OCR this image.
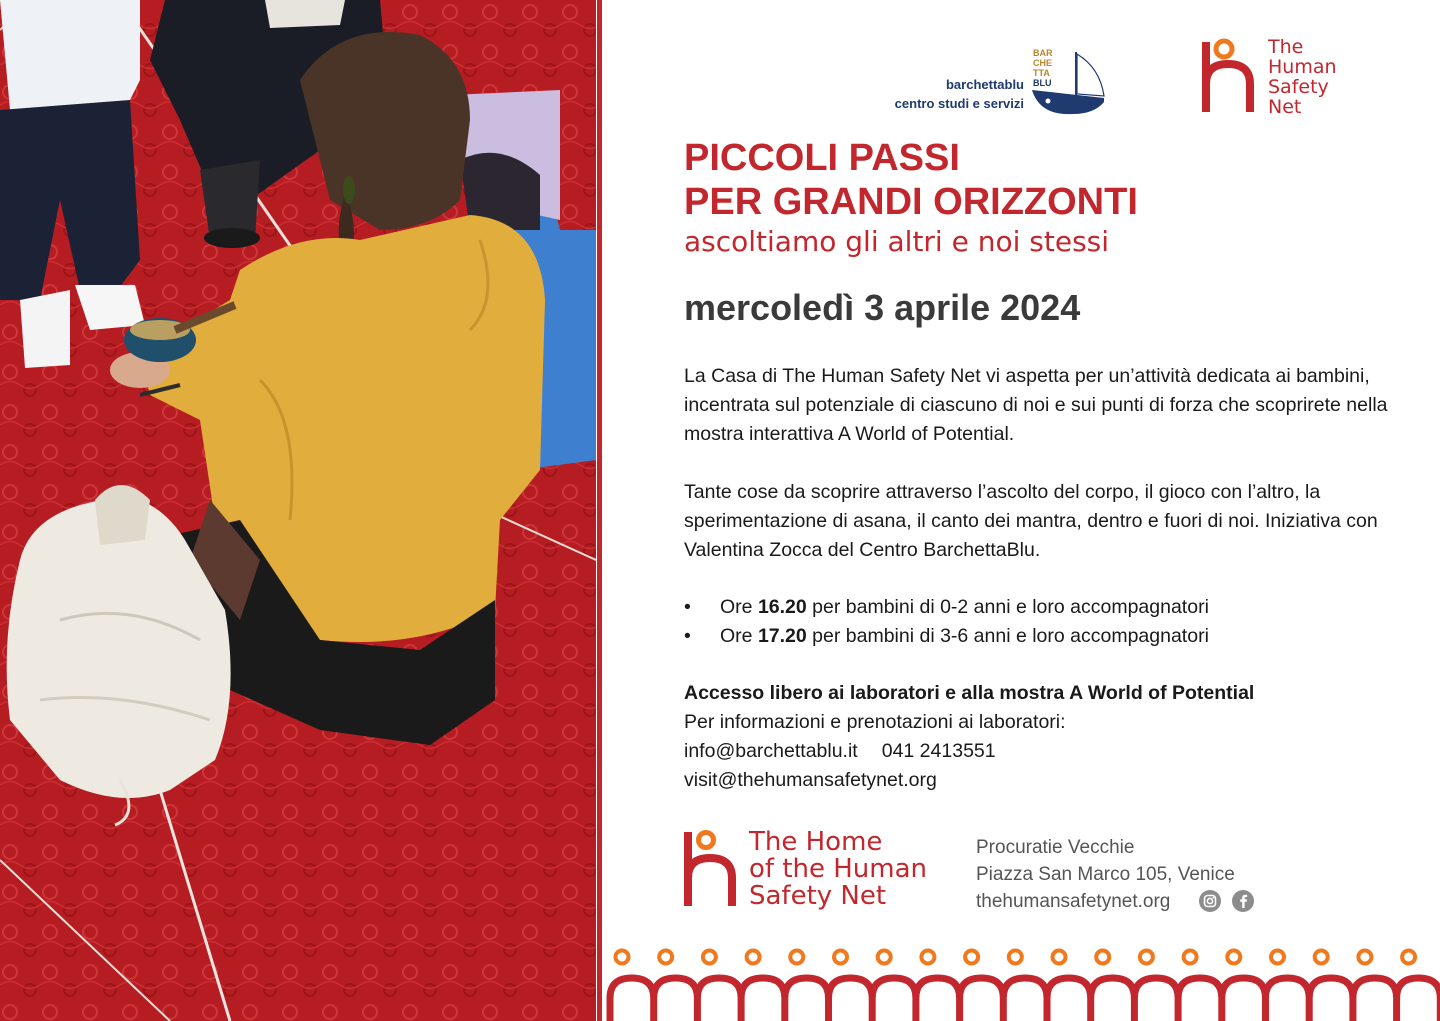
barchettablu
centro studi e servizi
BAR
CHE
TTA
BLU
The
Human
Safety
Net
PICCOLI PASSI
PER GRANDI ORIZZONTI
ascoltiamo gli altri e noi stessi
mercoledì 3 aprile 2024

La Casa di The Human Safety Net vi aspetta per un’attività dedicata ai bambini, incentrata sul potenziale di ciascuno di noi e sui punti di forza che scoprirete nella mostra interattiva A World of Potential.

Tante cose da scoprire attraverso l’ascolto del corpo, il gioco con l’altro, la sperimentazione di asana, il canto dei mantra, dentro e fuori di noi. Iniziativa con Valentina Zocca del Centro BarchettaBlu.

• Ore 16.20 per bambini di 0-2 anni e loro accompagnatori
• Ore 17.20 per bambini di 3-6 anni e loro accompagnatori
Accesso libero ai laboratori e alla mostra A World of Potential
Per informazioni e prenotazioni ai laboratori:
info@barchettablu.it 041 2413551
visit@thehumansafetynet.org
The Home
of the Human
Safety Net
Procuratie Vecchie
Piazza San Marco 105, Venice
thehumansafetynet.org
